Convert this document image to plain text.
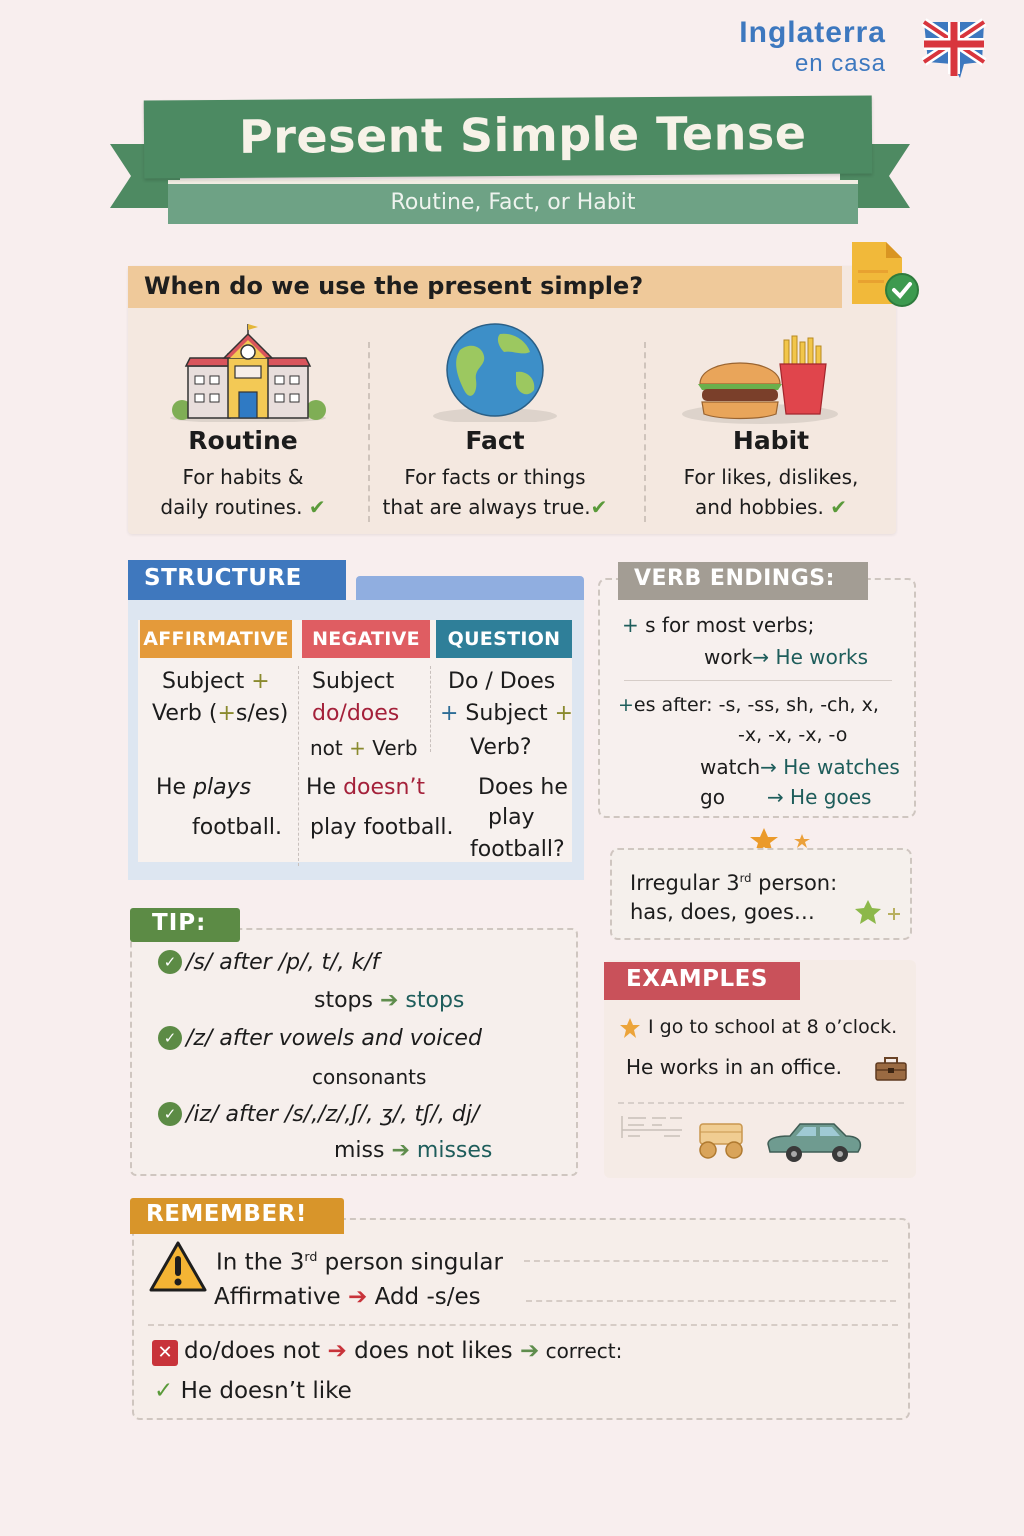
Inglaterra
en casa
Routine, Fact, or Habit
Present Simple Tense
When do we use the present simple?
Routine
For habits &
daily routines. ✔
Fact
For facts or things
that are always true.✔
Habit
For likes, dislikes,
and hobbies. ✔
STRUCTURE
AFFIRMATIVE	NEGATIVE	QUESTION
Subject +
Verb (+s/es)
He plays
football.
Subject
do/does
not + Verb
He doesn’t
play football.
Do / Does
+ Subject +
Verb?
Does he
play
football?
VERB ENDINGS:
+ s for most verbs;
work→ He works
+es after: -s, -ss, sh, -ch, x,
-x, -x, -x, -o
watch→ He watches
go → He goes
Irregular 3rd person:
has, does, goes…
TIP:
✓ /s/ after /p/, t/, k/f
stops ➔ stops
✓ /z/ after vowels and voiced
consonants
✓ /iz/ after /s/,/z/,ʃ/, ʒ/, tʃ/, dj/
miss ➔ misses
EXAMPLES
I go to school at 8 o’clock.
He works in an office.
REMEMBER!
In the 3rd person singular
Affirmative ➔ Add -s/es
✕ do/does not ➔ does not likes ➔ correct:
✓ He doesn’t like
